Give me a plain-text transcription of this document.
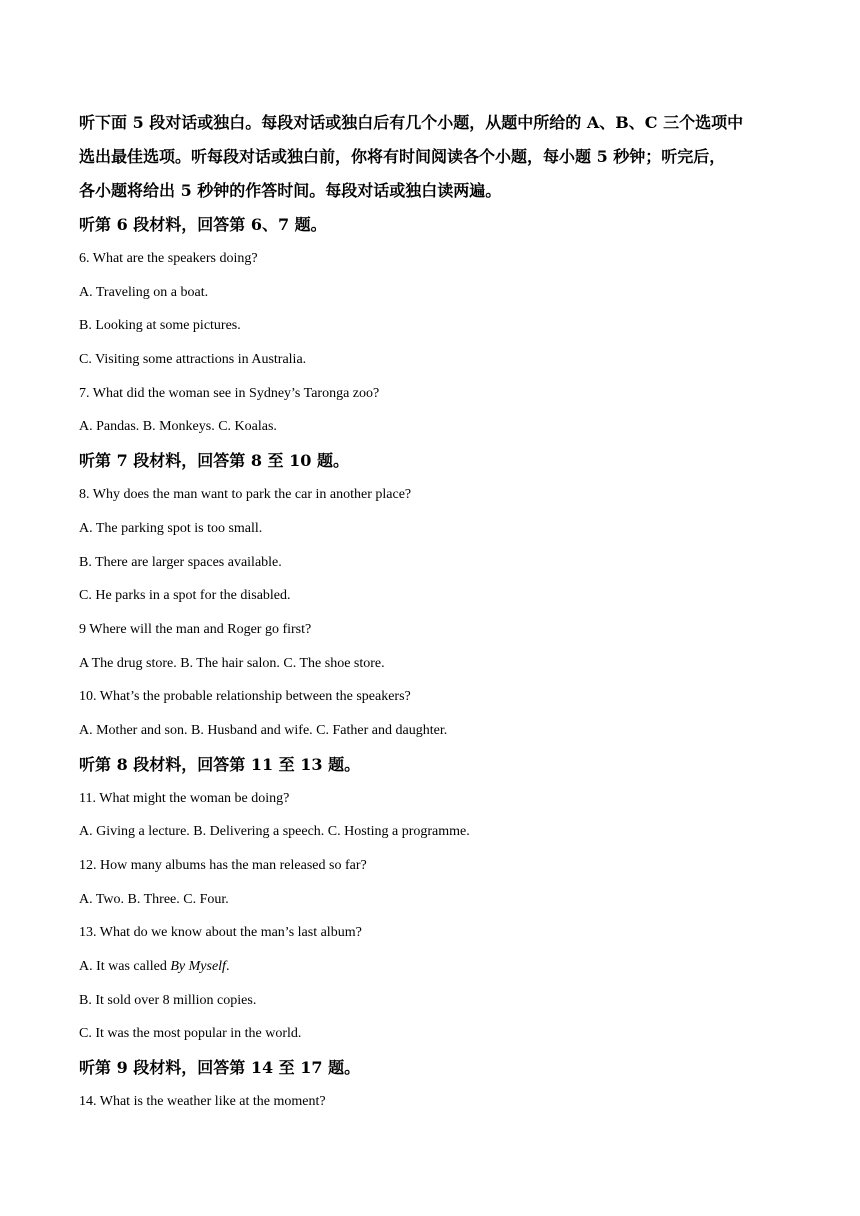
听下面 5 段对话或独白。每段对话或独白后有几个小题，从题中所给的 A、B、C 三个选项中
选出最佳选项。听每段对话或独白前，你将有时间阅读各个小题，每小题 5 秒钟；听完后，
各小题将给出 5 秒钟的作答时间。每段对话或独白读两遍。
听第 6 段材料，回答第 6、7 题。
6. What are the speakers doing?
A. Traveling on a boat.
B. Looking at some pictures.
C. Visiting some attractions in Australia.
7. What did the woman see in Sydney’s Taronga zoo?
A. Pandas. B. Monkeys. C. Koalas.
听第 7 段材料，回答第 8 至 10 题。
8. Why does the man want to park the car in another place?
A. The parking spot is too small.
B. There are larger spaces available.
C. He parks in a spot for the disabled.
9 Where will the man and Roger go first?
A The drug store. B. The hair salon. C. The shoe store.
10. What’s the probable relationship between the speakers?
A. Mother and son. B. Husband and wife. C. Father and daughter.
听第 8 段材料，回答第 11 至 13 题。
11. What might the woman be doing?
A. Giving a lecture. B. Delivering a speech. C. Hosting a programme.
12. How many albums has the man released so far?
A. Two. B. Three. C. Four.
13. What do we know about the man’s last album?
A. It was called By Myself.
B. It sold over 8 million copies.
C. It was the most popular in the world.
听第 9 段材料，回答第 14 至 17 题。
14. What is the weather like at the moment?
